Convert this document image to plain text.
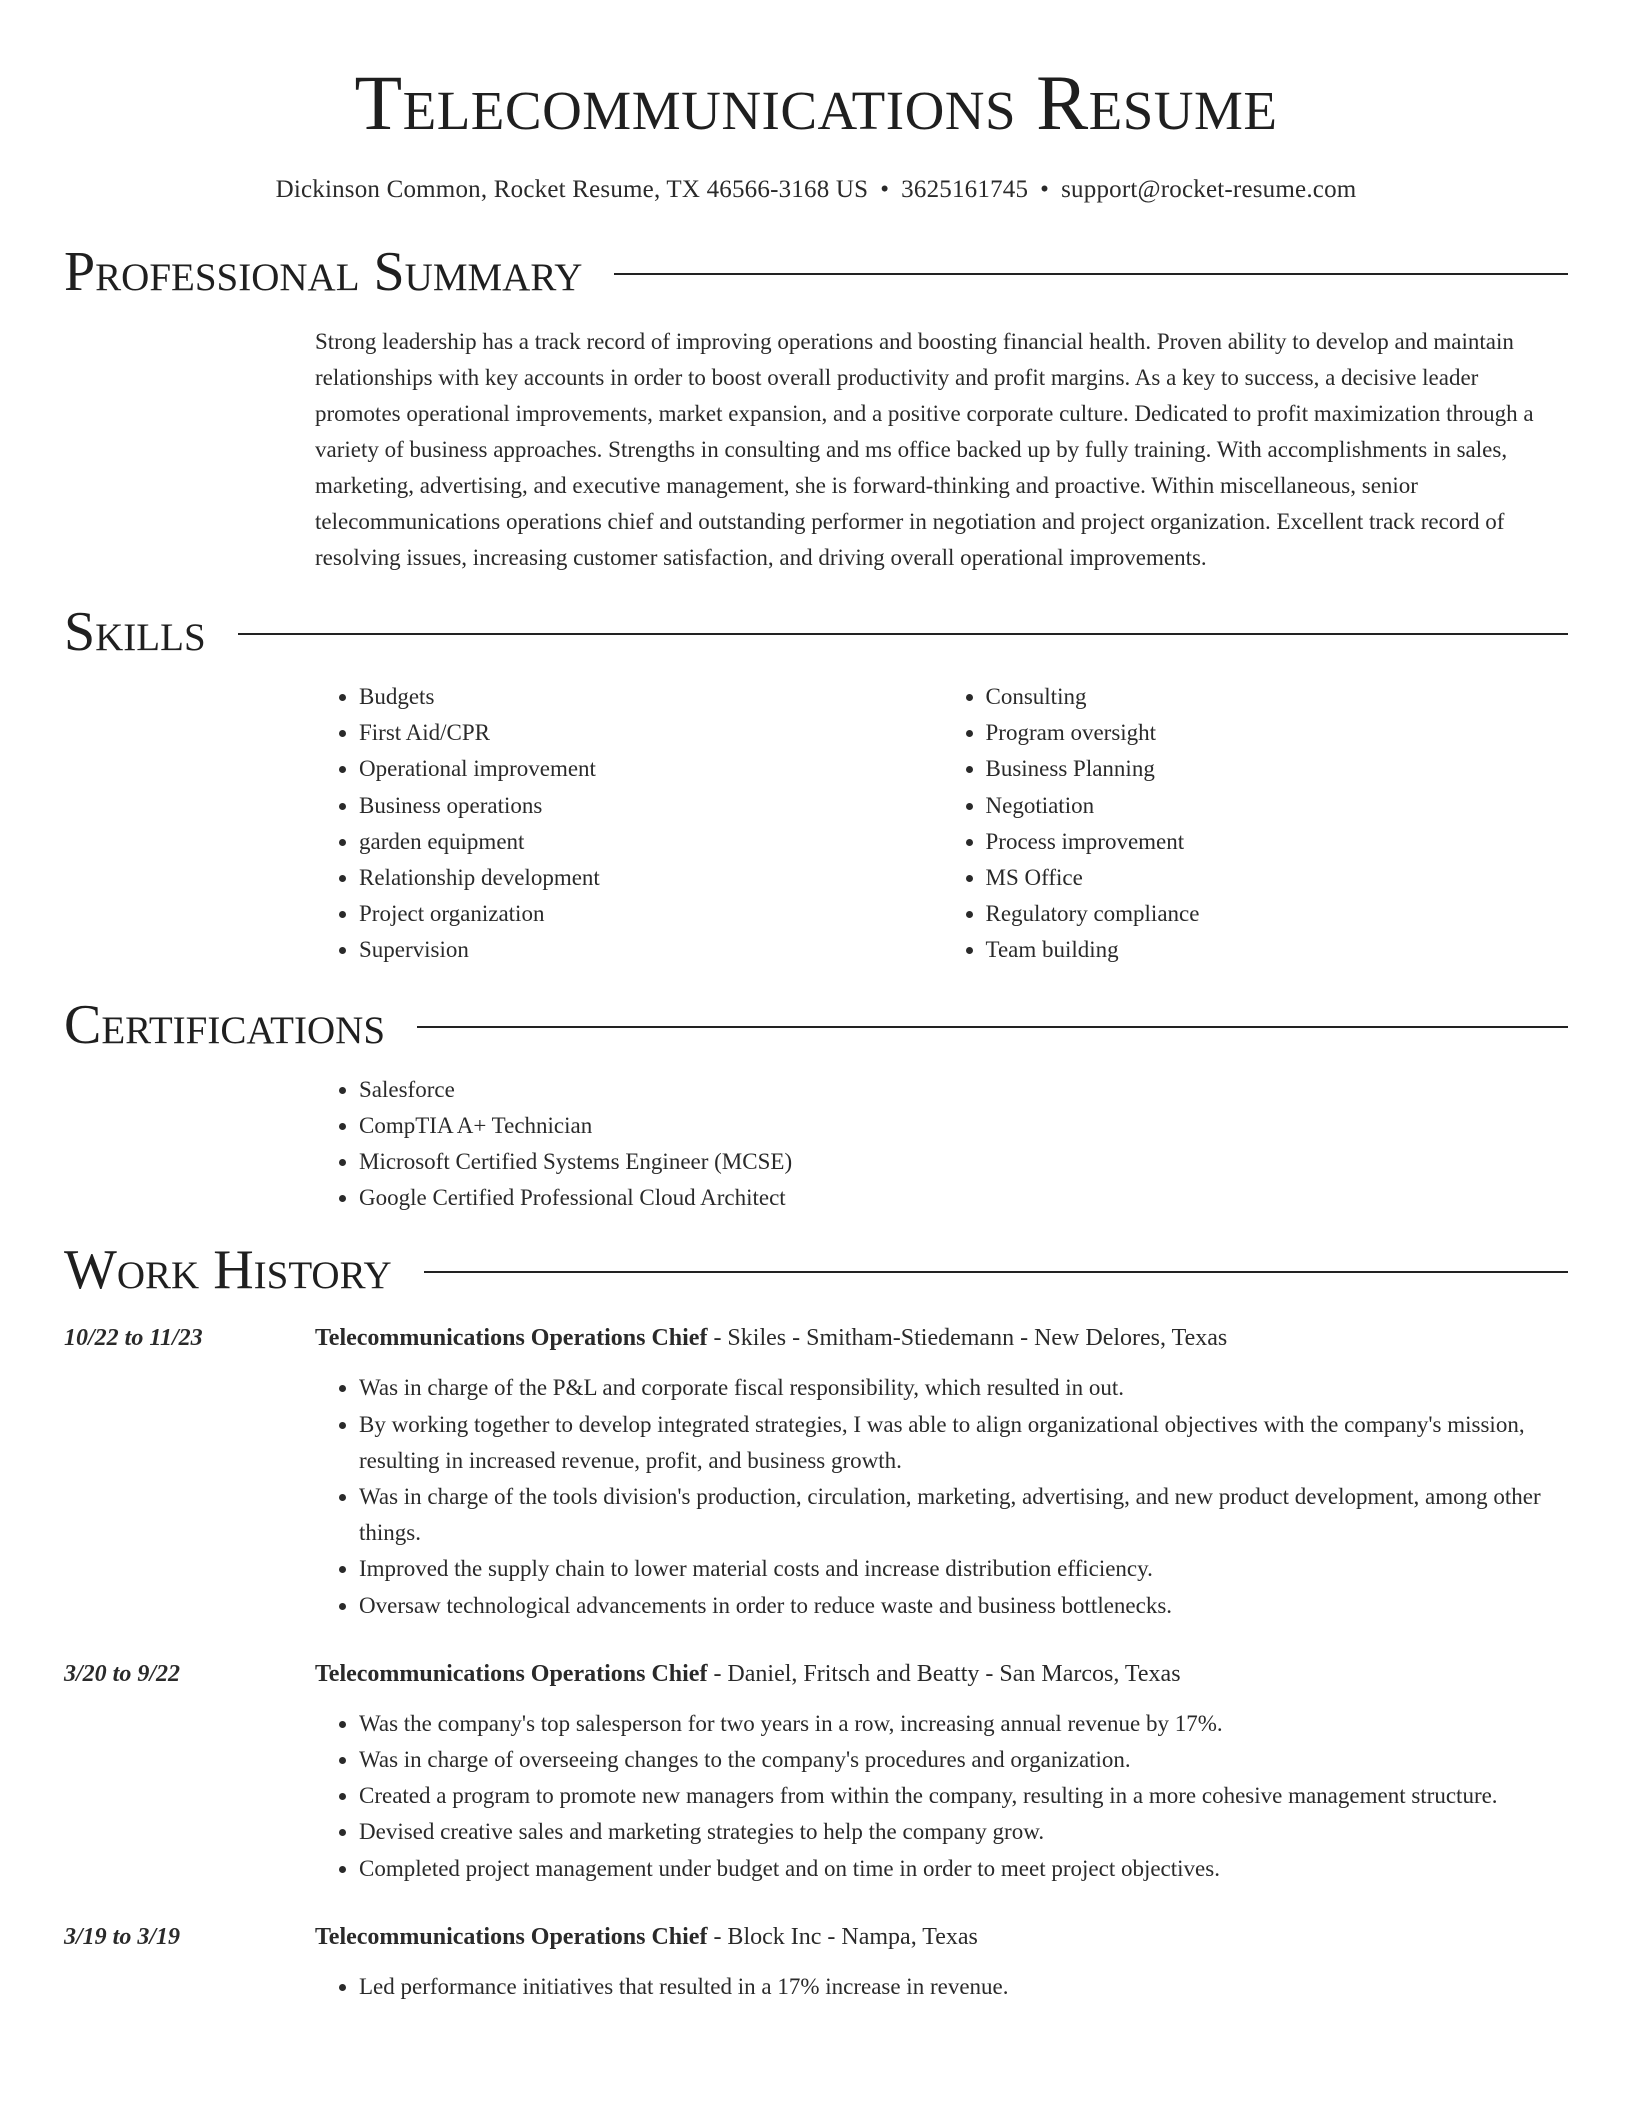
Telecommunications Resume
Dickinson Common, Rocket Resume, TX 46566-3168 US • 3625161745 • support@rocket-resume.com
Professional Summary

Strong leadership has a track record of improving operations and boosting financial health. Proven ability to develop and maintain relationships with key accounts in order to boost overall productivity and profit margins. As a key to success, a decisive leader promotes operational improvements, market expansion, and a positive corporate culture. Dedicated to profit maximization through a variety of business approaches. Strengths in consulting and ms office backed up by fully training. With accomplishments in sales, marketing, advertising, and executive management, she is forward-thinking and proactive. Within miscellaneous, senior telecommunications operations chief and outstanding performer in negotiation and project organization. Excellent track record of resolving issues, increasing customer satisfaction, and driving overall operational improvements.

Skills
• Budgets
• First Aid/CPR
• Operational improvement
• Business operations
• garden equipment
• Relationship development
• Project organization
• Supervision
• Consulting
• Program oversight
• Business Planning
• Negotiation
• Process improvement
• MS Office
• Regulatory compliance
• Team building
Certifications
• Salesforce
• CompTIA A+ Technician
• Microsoft Certified Systems Engineer (MCSE)
• Google Certified Professional Cloud Architect
Work History
10/22 to 11/23	Telecommunications Operations Chief - Skiles - Smitham-Stiedemann - New Delores, Texas
• Was in charge of the P&L and corporate fiscal responsibility, which resulted in out.
• By working together to develop integrated strategies, I was able to align organizational objectives with the company's mission, resulting in increased revenue, profit, and business growth.
• Was in charge of the tools division's production, circulation, marketing, advertising, and new product development, among other things.
• Improved the supply chain to lower material costs and increase distribution efficiency.
• Oversaw technological advancements in order to reduce waste and business bottlenecks.
3/20 to 9/22	Telecommunications Operations Chief - Daniel, Fritsch and Beatty - San Marcos, Texas
• Was the company's top salesperson for two years in a row, increasing annual revenue by 17%.
• Was in charge of overseeing changes to the company's procedures and organization.
• Created a program to promote new managers from within the company, resulting in a more cohesive management structure.
• Devised creative sales and marketing strategies to help the company grow.
• Completed project management under budget and on time in order to meet project objectives.
3/19 to 3/19	Telecommunications Operations Chief - Block Inc - Nampa, Texas
• Led performance initiatives that resulted in a 17% increase in revenue.
